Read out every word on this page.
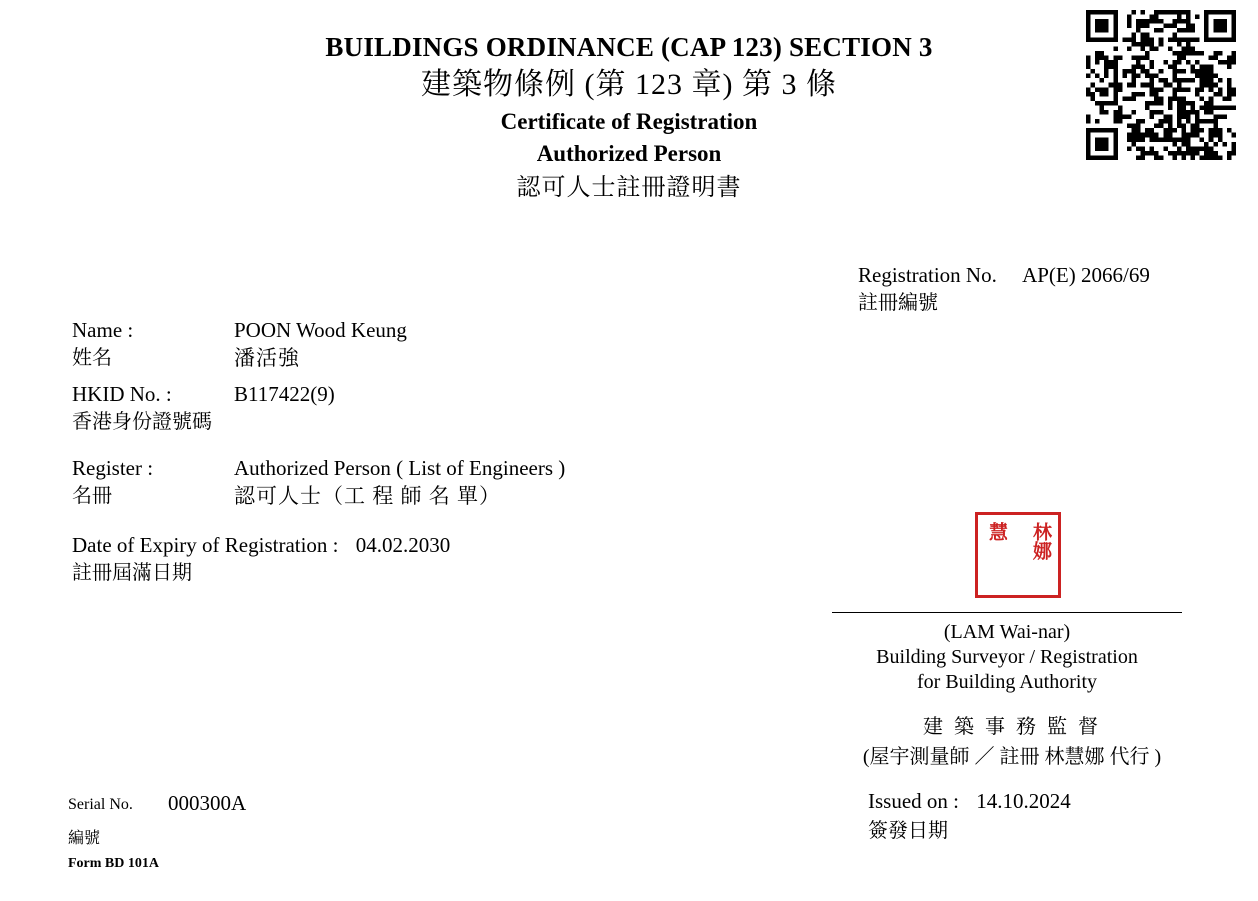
BUILDINGS ORDINANCE (CAP 123) SECTION 3
建築物條例 (第 123 章) 第 3 條
Certificate of Registration
Authorized Person
認可人士註冊證明書
Registration No. AP(E) 2066/69
註冊編號
Name :
姓名
POON Wood Keung
潘活強
HKID No. :
香港身份證號碼
B117422(9)
Register :
名冊
Authorized Person ( List of Engineers )
認可人士（工 程 師 名 單）
Date of Expiry of Registration : 04.02.2030
註冊屆滿日期
林娜
慧
(LAM Wai-nar)
Building Surveyor / Registration
for Building Authority
建 築 事 務 監 督
(屋宇測量師 ／ 註冊 林慧娜 代行 )
Issued on : 14.10.2024
簽發日期
Serial No. 000300A
編號
Form BD 101A
